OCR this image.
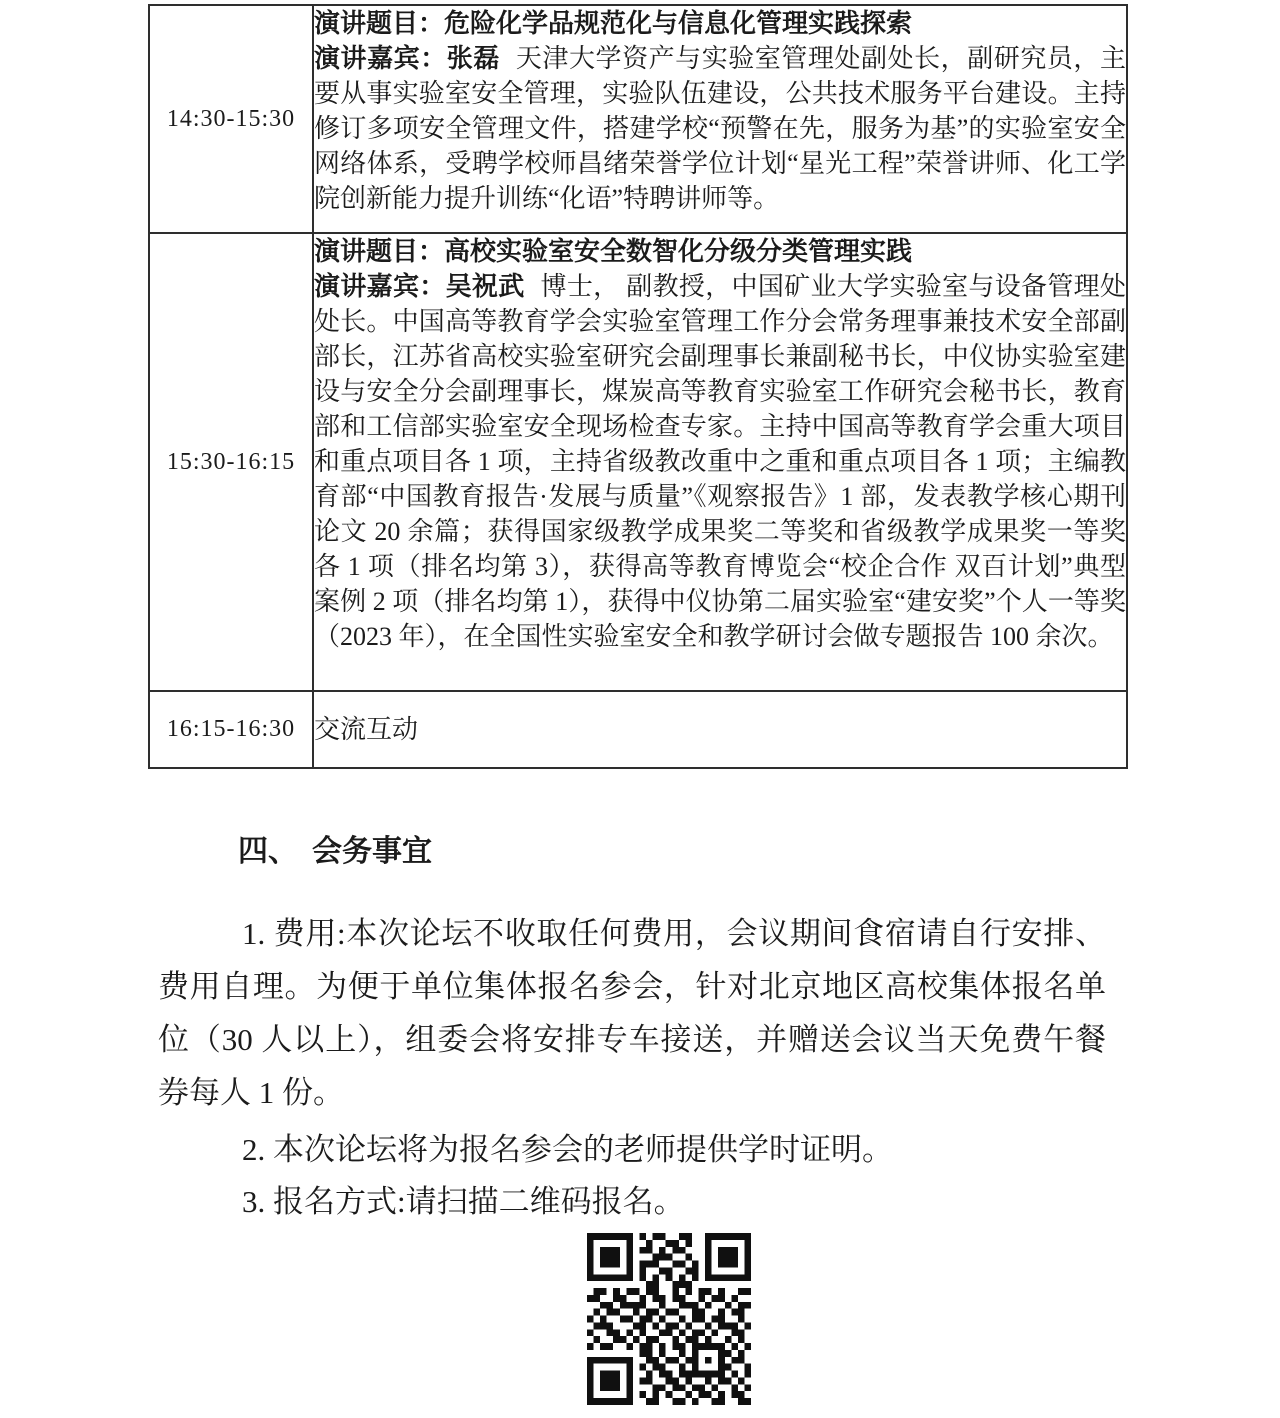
14:30-15:30	演讲题目：危险化学品规范化与信息化管理实践探索

演讲嘉宾：张磊 天津大学资产与实验室管理处副处长，副研究员，主要从事实验室安全管理，实验队伍建设，公共技术服务平台建设。主持修订多项安全管理文件，搭建学校“预警在先，服务为基”的实验室安全网络体系，受聘学校师昌绪荣誉学位计划“星光工程”荣誉讲师、化工学院创新能力提升训练“化语”特聘讲师等。

15:30-16:15	演讲题目：高校实验室安全数智化分级分类管理实践

演讲嘉宾：吴祝武 博士， 副教授，中国矿业大学实验室与设备管理处处长。中国高等教育学会实验室管理工作分会常务理事兼技术安全部副部长，江苏省高校实验室研究会副理事长兼副秘书长，中仪协实验室建设与安全分会副理事长，煤炭高等教育实验室工作研究会秘书长，教育部和工信部实验室安全现场检查专家。主持中国高等教育学会重大项目和重点项目各 1 项，主持省级教改重中之重和重点项目各 1 项；主编教育部“中国教育报告·发展与质量”《观察报告》1 部，发表教学核心期刊论文 20 余篇；获得国家级教学成果奖二等奖和省级教学成果奖一等奖各 1 项（排名均第 3），获得高等教育博览会“校企合作 双百计划”典型案例 2 项（排名均第 1），获得中仪协第二届实验室“建安奖”个人一等奖（2023 年），在全国性实验室安全和教学研讨会做专题报告 100 余次。

16:15-16:30	交流互动
四、 会务事宜

1. 费用:本次论坛不收取任何费用，会议期间食宿请自行安排、费用自理。为便于单位集体报名参会，针对北京地区高校集体报名单位（30 人以上），组委会将安排专车接送，并赠送会议当天免费午餐券每人 1 份。

2. 本次论坛将为报名参会的老师提供学时证明。

3. 报名方式:请扫描二维码报名。
